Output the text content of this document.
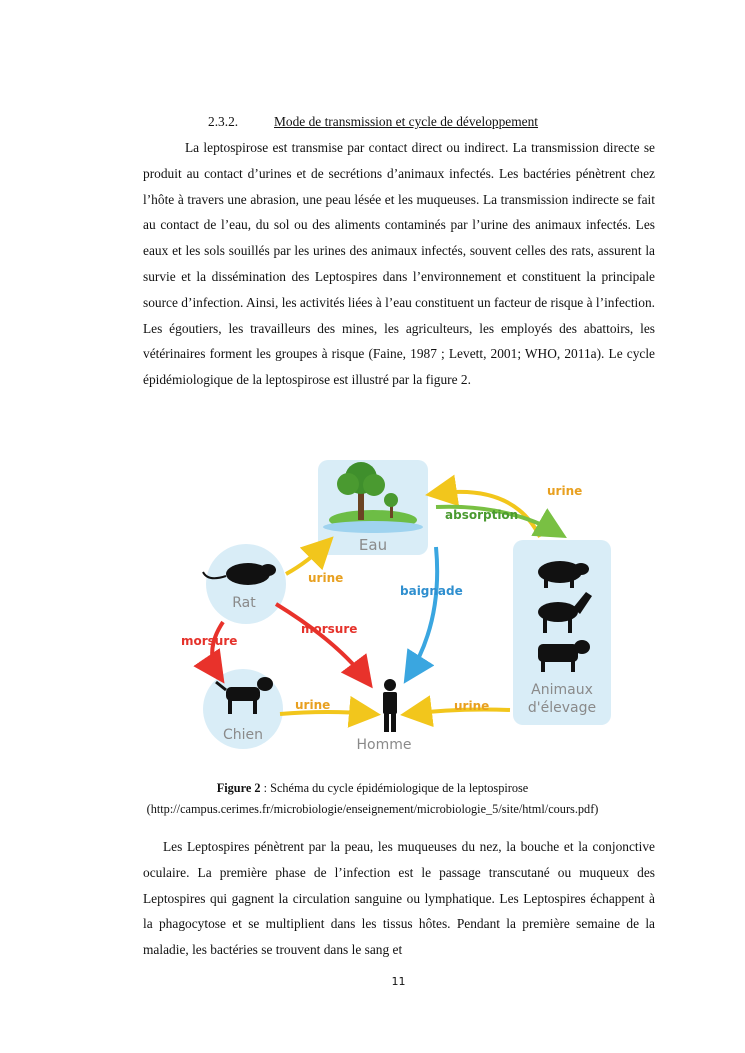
2.3.2.	Mode de transmission et cycle de développement

La leptospirose est transmise par contact direct ou indirect. La transmission directe se produit au contact d’urines et de secrétions d’animaux infectés. Les bactéries pénètrent chez l’hôte à travers une abrasion, une peau lésée et les muqueuses. La transmission indirecte se fait au contact de l’eau, du sol ou des aliments contaminés par l’urine des animaux infectés. Les eaux et les sols souillés par les urines des animaux infectés, souvent celles des rats, assurent la survie et la dissémination des Leptospires dans l’environnement et constituent la principale source d’infection. Ainsi, les activités liées à l’eau constituent un facteur de risque à l’infection. Les égoutiers, les travailleurs des mines, les agriculteurs, les employés des abattoirs, les vétérinaires forment les groupes à risque (Faine, 1987 ; Levett, 2001; WHO, 2011a). Le cycle épidémiologique de la leptospirose est illustré par la figure 2.

Eau
Animaux
d'élevage
Rat
Chien
Homme
urine
absorption
urine
baignade
morsure
morsure
urine	urine
Figure 2 : Schéma du cycle épidémiologique de la leptospirose
(http://campus.cerimes.fr/microbiologie/enseignement/microbiologie_5/site/html/cours.pdf)

Les Leptospires pénètrent par la peau, les muqueuses du nez, la bouche et la conjonctive oculaire. La première phase de l’infection est le passage transcutané ou muqueux des Leptospires qui gagnent la circulation sanguine ou lymphatique. Les Leptospires échappent à la phagocytose et se multiplient dans les tissus hôtes. Pendant la première semaine de la maladie, les bactéries se trouvent dans le sang et

11
